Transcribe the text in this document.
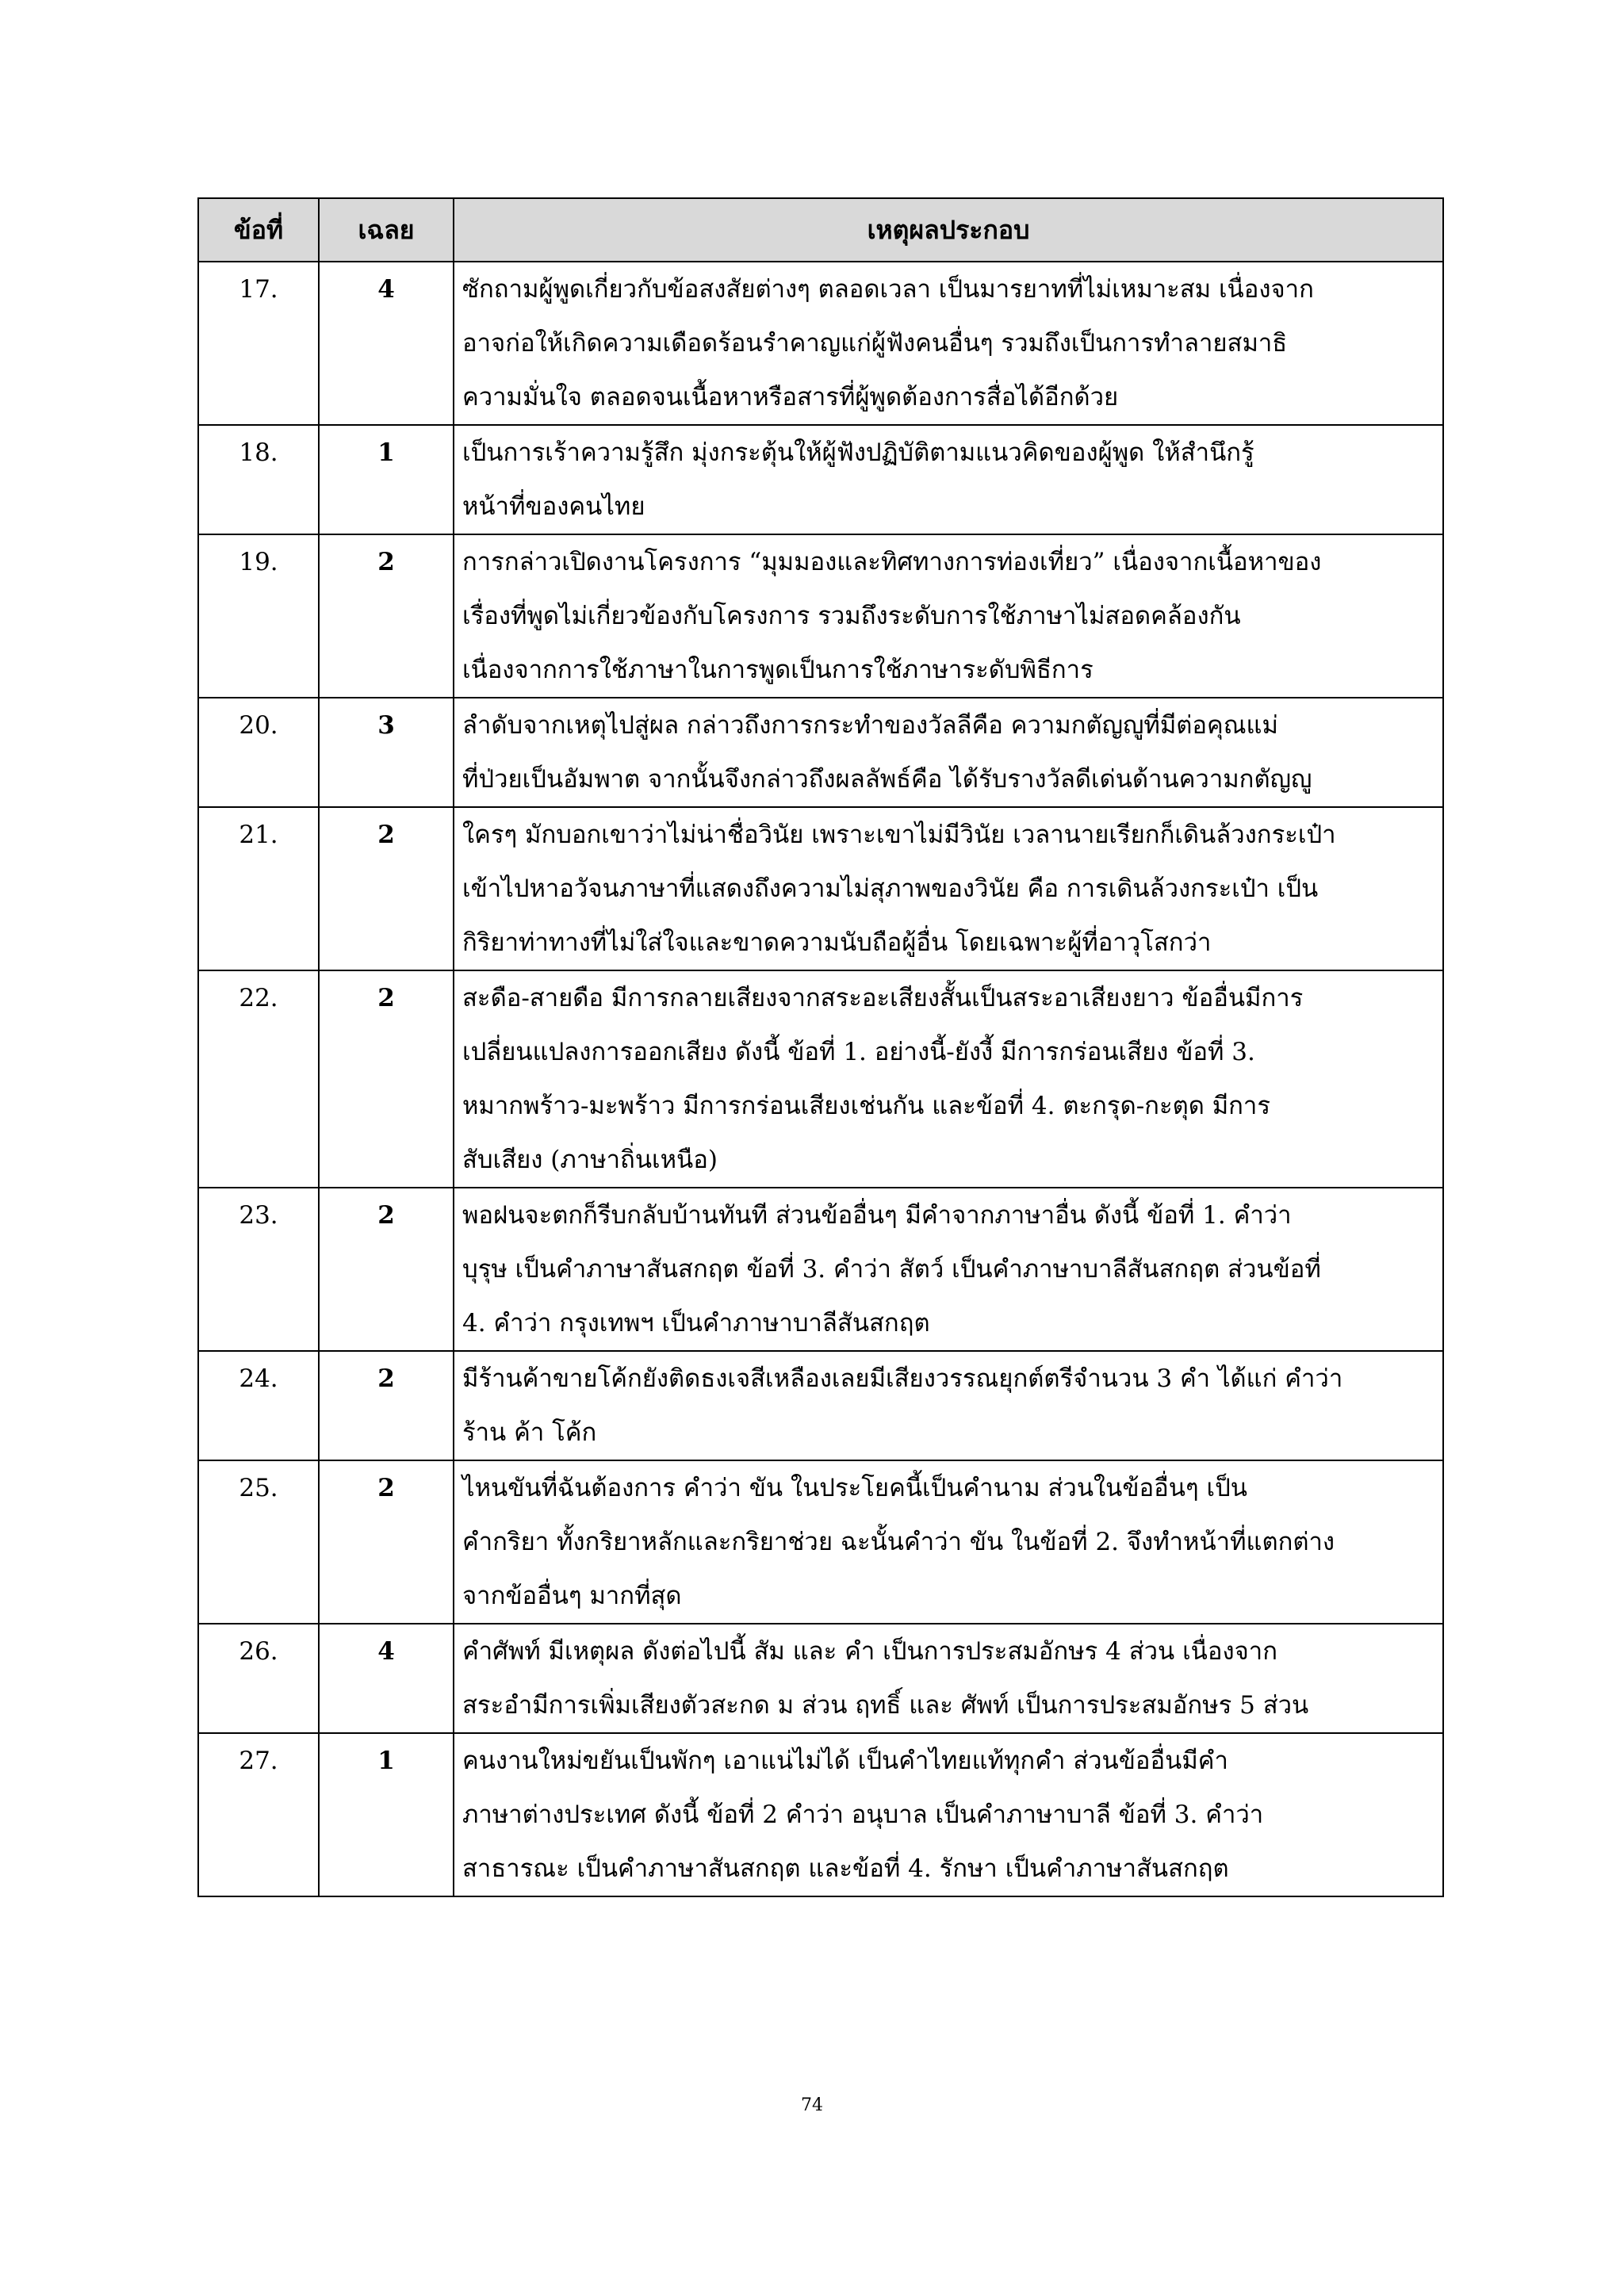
ข้อที่	เฉลย	เหตุผลประกอบ
17.	4	ซักถามผู้พูดเกี่ยวกับข้อสงสัยต่างๆ ตลอดเวลา เป็นมารยาทที่ไม่เหมาะสม เนื่องจาก
อาจก่อให้เกิดความเดือดร้อนรำคาญแก่ผู้ฟังคนอื่นๆ รวมถึงเป็นการทำลายสมาธิ
ความมั่นใจ ตลอดจนเนื้อหาหรือสารที่ผู้พูดต้องการสื่อได้อีกด้วย
18.	1	เป็นการเร้าความรู้สึก มุ่งกระตุ้นให้ผู้ฟังปฏิบัติตามแนวคิดของผู้พูด ให้สำนึกรู้
หน้าที่ของคนไทย
19.	2	การกล่าวเปิดงานโครงการ “มุมมองและทิศทางการท่องเที่ยว” เนื่องจากเนื้อหาของ
เรื่องที่พูดไม่เกี่ยวข้องกับโครงการ รวมถึงระดับการใช้ภาษาไม่สอดคล้องกัน
เนื่องจากการใช้ภาษาในการพูดเป็นการใช้ภาษาระดับพิธีการ
20.	3	ลำดับจากเหตุไปสู่ผล กล่าวถึงการกระทำของวัลลีคือ ความกตัญญูที่มีต่อคุณแม่
ที่ป่วยเป็นอัมพาต จากนั้นจึงกล่าวถึงผลลัพธ์คือ ได้รับรางวัลดีเด่นด้านความกตัญญู
21.	2	ใครๆ มักบอกเขาว่าไม่น่าชื่อวินัย เพราะเขาไม่มีวินัย เวลานายเรียกก็เดินล้วงกระเป๋า
เข้าไปหาอวัจนภาษาที่แสดงถึงความไม่สุภาพของวินัย คือ การเดินล้วงกระเป๋า เป็น
กิริยาท่าทางที่ไม่ใส่ใจและขาดความนับถือผู้อื่น โดยเฉพาะผู้ที่อาวุโสกว่า
22.	2	สะดือ-สายดือ มีการกลายเสียงจากสระอะเสียงสั้นเป็นสระอาเสียงยาว ข้ออื่นมีการ
เปลี่ยนแปลงการออกเสียง ดังนี้ ข้อที่ 1. อย่างนี้-ยังงี้ มีการกร่อนเสียง ข้อที่ 3.
หมากพร้าว-มะพร้าว มีการกร่อนเสียงเช่นกัน และข้อที่ 4. ตะกรุด-กะตุด มีการ
สับเสียง (ภาษาถิ่นเหนือ)
23.	2	พอฝนจะตกก็รีบกลับบ้านทันที ส่วนข้ออื่นๆ มีคำจากภาษาอื่น ดังนี้ ข้อที่ 1. คำว่า
บุรุษ เป็นคำภาษาสันสกฤต ข้อที่ 3. คำว่า สัตว์ เป็นคำภาษาบาลีสันสกฤต ส่วนข้อที่
4. คำว่า กรุงเทพฯ เป็นคำภาษาบาลีสันสกฤต
24.	2	มีร้านค้าขายโค้กยังติดธงเจสีเหลืองเลยมีเสียงวรรณยุกต์ตรีจำนวน 3 คำ ได้แก่ คำว่า
ร้าน ค้า โค้ก
25.	2	ไหนขันที่ฉันต้องการ คำว่า ขัน ในประโยคนี้เป็นคำนาม ส่วนในข้ออื่นๆ เป็น
คำกริยา ทั้งกริยาหลักและกริยาช่วย ฉะนั้นคำว่า ขัน ในข้อที่ 2. จึงทำหน้าที่แตกต่าง
จากข้ออื่นๆ มากที่สุด
26.	4	คำศัพท์ มีเหตุผล ดังต่อไปนี้ สัม และ คำ เป็นการประสมอักษร 4 ส่วน เนื่องจาก
สระอำมีการเพิ่มเสียงตัวสะกด ม ส่วน ฤทธิ์ และ ศัพท์ เป็นการประสมอักษร 5 ส่วน
27.	1	คนงานใหม่ขยันเป็นพักๆ เอาแน่ไม่ได้ เป็นคำไทยแท้ทุกคำ ส่วนข้ออื่นมีคำ
ภาษาต่างประเทศ ดังนี้ ข้อที่ 2 คำว่า อนุบาล เป็นคำภาษาบาลี ข้อที่ 3. คำว่า
สาธารณะ เป็นคำภาษาสันสกฤต และข้อที่ 4. รักษา เป็นคำภาษาสันสกฤต
74
